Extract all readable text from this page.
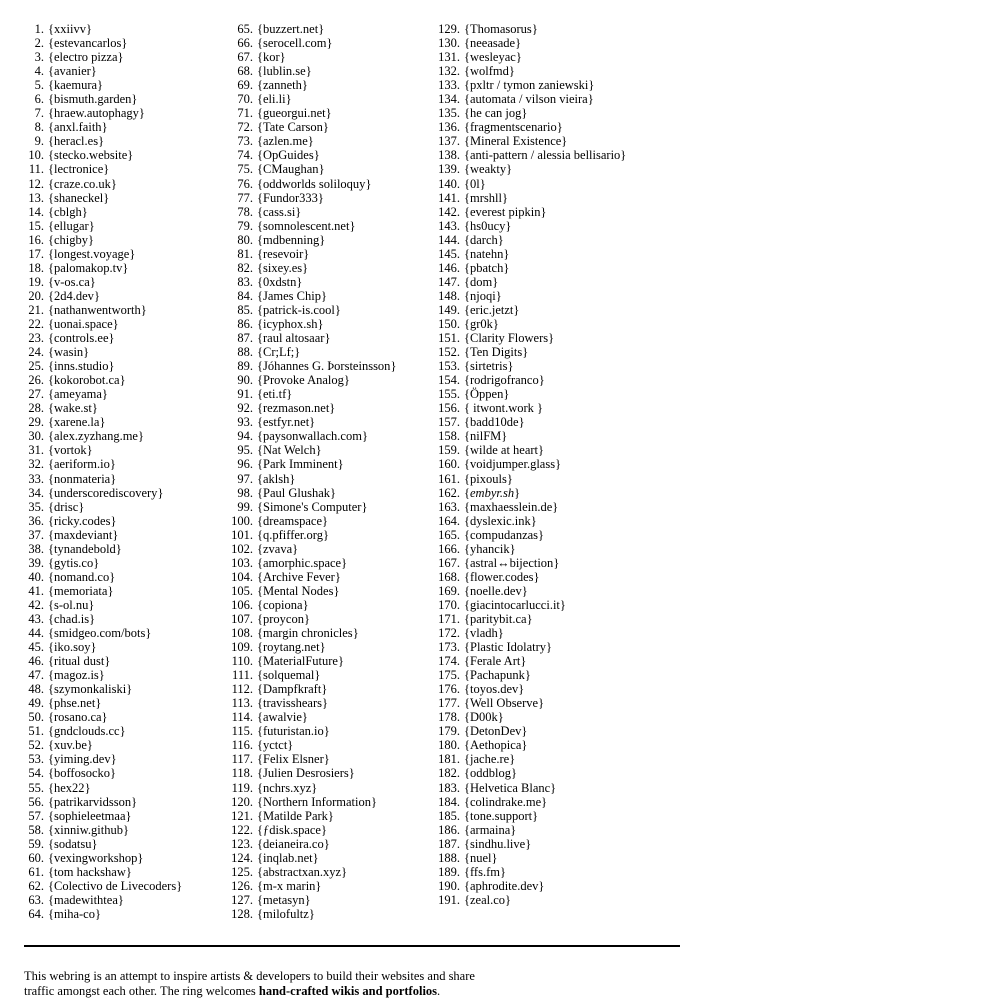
1. {xxiivv}
2. {estevancarlos}
3. {electro pizza}
4. {avanier}
5. {kaemura}
6. {bismuth.garden}
7. {hraew.autophagy}
8. {anxl.faith}
9. {heracl.es}
10. {stecko.website}
11. {lectronice}
12. {craze.co.uk}
13. {shaneckel}
14. {cblgh}
15. {ellugar}
16. {chigby}
17. {longest.voyage}
18. {palomakop.tv}
19. {v-os.ca}
20. {2d4.dev}
21. {nathanwentworth}
22. {uonai.space}
23. {controls.ee}
24. {wasin}
25. {inns.studio}
26. {kokorobot.ca}
27. {ameyama}
28. {wake.st}
29. {xarene.la}
30. {alex.zyzhang.me}
31. {vortok}
32. {aeriform.io}
33. {nonmateria}
34. {underscorediscovery}
35. {drisc}
36. {ricky.codes}
37. {maxdeviant}
38. {tynandebold}
39. {gytis.co}
40. {nomand.co}
41. {memoriata}
42. {s-ol.nu}
43. {chad.is}
44. {smidgeo.com/bots}
45. {iko.soy}
46. {ritual dust}
47. {magoz.is}
48. {szymonkaliski}
49. {phse.net}
50. {rosano.ca}
51. {gndclouds.cc}
52. {xuv.be}
53. {yiming.dev}
54. {boffosocko}
55. {hex22}
56. {patrikarvidsson}
57. {sophieleetmaa}
58. {xinniw.github}
59. {sodatsu}
60. {vexingworkshop}
61. {tom hackshaw}
62. {Colectivo de Livecoders}
63. {madewithtea}
64. {miha-co}
65. {buzzert.net}
66. {serocell.com}
67. {kor}
68. {lublin.se}
69. {zanneth}
70. {eli.li}
71. {gueorgui.net}
72. {Tate Carson}
73. {azlen.me}
74. {OpGuides}
75. {CMaughan}
76. {oddworlds soliloquy}
77. {Fundor333}
78. {cass.si}
79. {somnolescent.net}
80. {mdbenning}
81. {resevoir}
82. {sixey.es}
83. {0xdstn}
84. {James Chip}
85. {patrick-is.cool}
86. {icyphox.sh}
87. {raul altosaar}
88. {Cr;Lf;}
89. {Jóhannes G. Þorsteinsson}
90. {Provoke Analog}
91. {eti.tf}
92. {rezmason.net}
93. {estfyr.net}
94. {paysonwallach.com}
95. {Nat Welch}
96. {Park Imminent}
97. {aklsh}
98. {Paul Glushak}
99. {Simone's Computer}
100. {dreamspace}
101. {q.pfiffer.org}
102. {zvava}
103. {amorphic.space}
104. {Archive Fever}
105. {Mental Nodes}
106. {copiona}
107. {proycon}
108. {margin chronicles}
109. {roytang.net}
110. {MaterialFuture}
111. {solquemal}
112. {Dampfkraft}
113. {travisshears}
114. {awalvie}
115. {futuristan.io}
116. {yctct}
117. {Felix Elsner}
118. {Julien Desrosiers}
119. {nchrs.xyz}
120. {Northern Information}
121. {Matilde Park}
122. {ƒdisk.space}
123. {deianeira.co}
124. {inqlab.net}
125. {abstractxan.xyz}
126. {m-x marin}
127. {metasyn}
128. {milofultz}
129. {Thomasorus}
130. {neeasade}
131. {wesleyac}
132. {wolfmd}
133. {pxltr / tymon zaniewski}
134. {automata / vilson vieira}
135. {he can jog}
136. {fragmentscenario}
137. {Mineral Existence}
138. {anti-pattern / alessia bellisario}
139. {weakty}
140. {0l}
141. {mrshll}
142. {everest pipkin}
143. {hs0ucy}
144. {darch}
145. {natehn}
146. {pbatch}
147. {dom}
148. {njoqi}
149. {eric.jetzt}
150. {gr0k}
151. {Clarity Flowers}
152. {Ten Digits}
153. {sirtetris}
154. {rodrigofranco}
155. {Öppen}
156. { itwont.work }
157. {badd10de}
158. {nilFM}
159. {wilde at heart}
160. {voidjumper.glass}
161. {pixouls}
162. {embyr.sh}
163. {maxhaesslein.de}
164. {dyslexic.ink}
165. {compudanzas}
166. {yhancik}
167. {astral↔bijection}
168. {flower.codes}
169. {noelle.dev}
170. {giacintocarlucci.it}
171. {paritybit.ca}
172. {vladh}
173. {Plastic Idolatry}
174. {Ferale Art}
175. {Pachapunk}
176. {toyos.dev}
177. {Well Observe}
178. {D00k}
179. {DetonDev}
180. {Aethopica}
181. {jache.re}
182. {oddblog}
183. {Helvetica Blanc}
184. {colindrake.me}
185. {tone.support}
186. {armaina}
187. {sindhu.live}
188. {nuel}
189. {ffs.fm}
190. {aphrodite.dev}
191. {zeal.co}

This webring is an attempt to inspire artists & developers to build their websites and share traffic amongst each other. The ring welcomes hand-crafted wikis and portfolios.
